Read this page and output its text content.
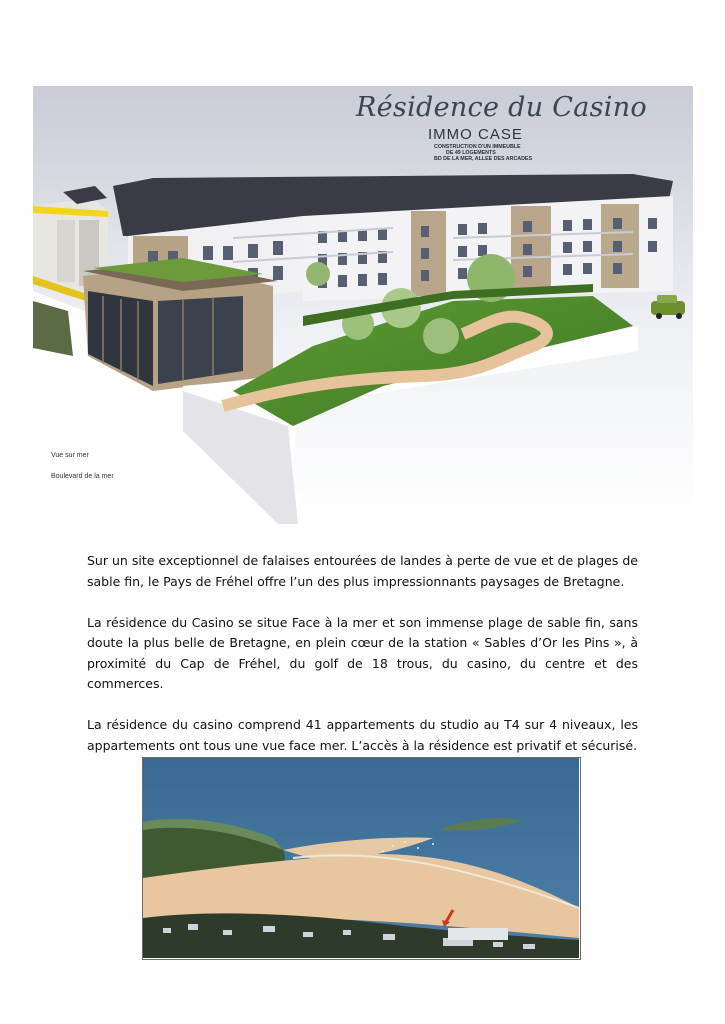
Résidence du Casino
IMMO CASE
CONSTRUCTION D'UN IMMEUBLE
DE 49 LOGEMENTS
BD DE LA MER, ALLEE DES ARCADES
Vue sur mer
Boulevard de la mer

Sur un site exceptionnel de falaises entourées de landes à perte de vue et de plages de sable fin, le Pays de Fréhel offre l’un des plus impressionnants paysages de Bretagne.

La résidence du Casino se situe Face à la mer et son immense plage de sable fin, sans doute la plus belle de Bretagne, en plein cœur de la station « Sables d’Or les Pins », à proximité du Cap de Fréhel, du golf de 18 trous, du casino, du centre et des commerces.

La résidence du casino comprend 41 appartements du studio au T4 sur 4 niveaux, les appartements ont tous une vue face mer. L’accès à la résidence est privatif et sécurisé.
